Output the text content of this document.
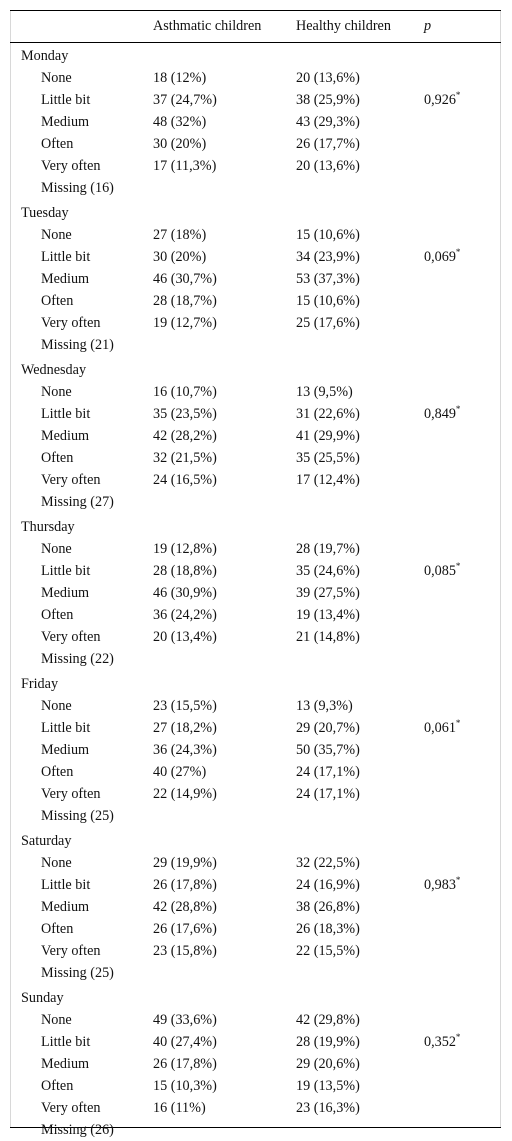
	Asthmatic children	Healthy children	p
Monday			
None	18 (12%)	20 (13,6%)	
Little bit	37 (24,7%)	38 (25,9%)	0,926*
Medium	48 (32%)	43 (29,3%)	
Often	30 (20%)	26 (17,7%)	
Very often	17 (11,3%)	20 (13,6%)	
Missing (16)			
Tuesday			
None	27 (18%)	15 (10,6%)	
Little bit	30 (20%)	34 (23,9%)	0,069*
Medium	46 (30,7%)	53 (37,3%)	
Often	28 (18,7%)	15 (10,6%)	
Very often	19 (12,7%)	25 (17,6%)	
Missing (21)			
Wednesday			
None	16 (10,7%)	13 (9,5%)	
Little bit	35 (23,5%)	31 (22,6%)	0,849*
Medium	42 (28,2%)	41 (29,9%)	
Often	32 (21,5%)	35 (25,5%)	
Very often	24 (16,5%)	17 (12,4%)	
Missing (27)			
Thursday			
None	19 (12,8%)	28 (19,7%)	
Little bit	28 (18,8%)	35 (24,6%)	0,085*
Medium	46 (30,9%)	39 (27,5%)	
Often	36 (24,2%)	19 (13,4%)	
Very often	20 (13,4%)	21 (14,8%)	
Missing (22)			
Friday			
None	23 (15,5%)	13 (9,3%)	
Little bit	27 (18,2%)	29 (20,7%)	0,061*
Medium	36 (24,3%)	50 (35,7%)	
Often	40 (27%)	24 (17,1%)	
Very often	22 (14,9%)	24 (17,1%)	
Missing (25)			
Saturday			
None	29 (19,9%)	32 (22,5%)	
Little bit	26 (17,8%)	24 (16,9%)	0,983*
Medium	42 (28,8%)	38 (26,8%)	
Often	26 (17,6%)	26 (18,3%)	
Very often	23 (15,8%)	22 (15,5%)	
Missing (25)			
Sunday			
None	49 (33,6%)	42 (29,8%)	
Little bit	40 (27,4%)	28 (19,9%)	0,352*
Medium	26 (17,8%)	29 (20,6%)	
Often	15 (10,3%)	19 (13,5%)	
Very often	16 (11%)	23 (16,3%)	
Missing (26)			
